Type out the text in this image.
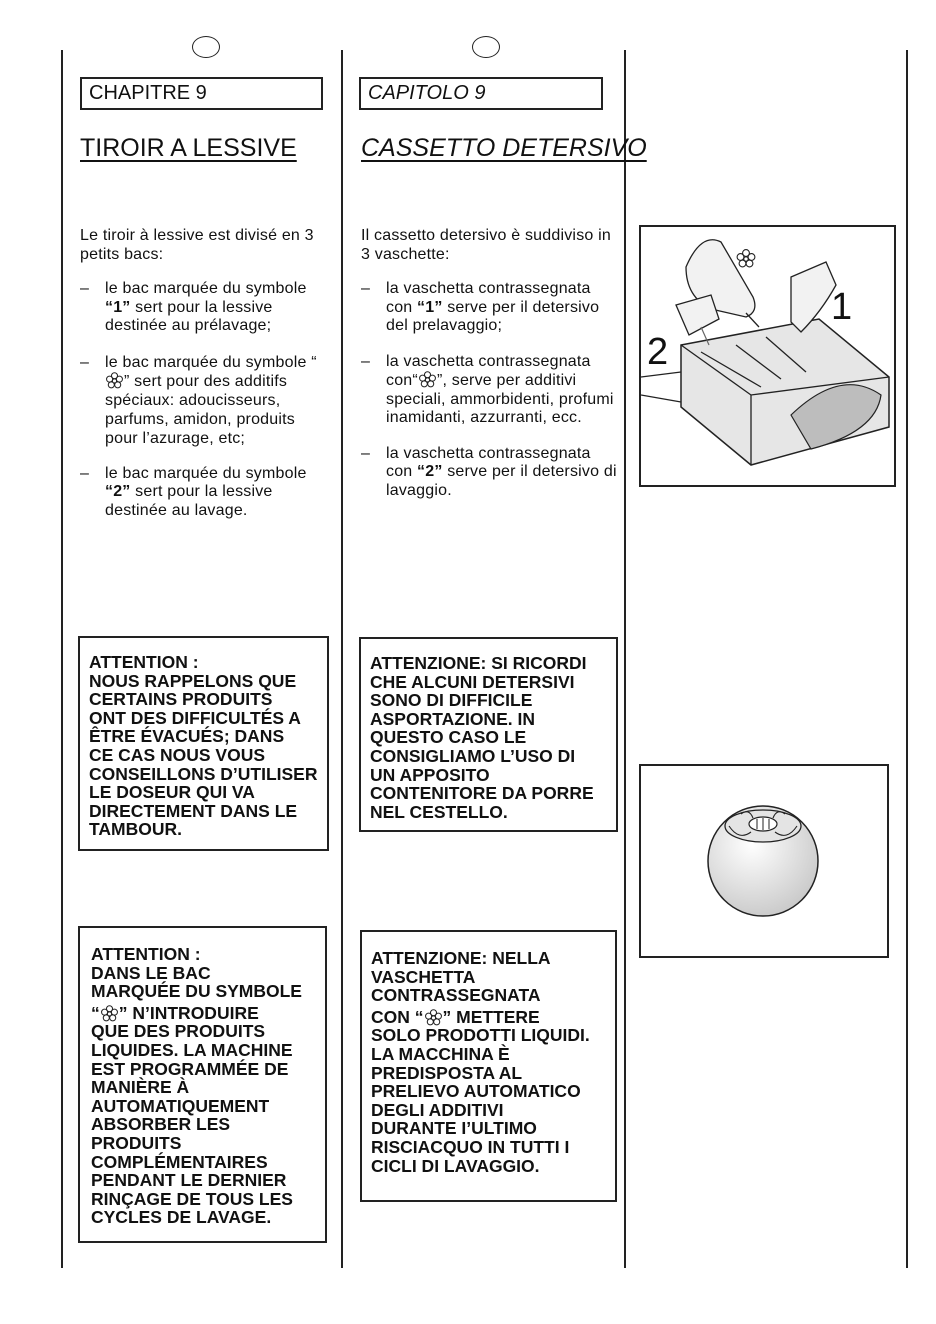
CHAPITRE 9
TIROIR A LESSIVE

Le tiroir à lessive est divisé en 3 petits bacs:

– le bac marquée du symbole “1” sert pour la lessive destinée au prélavage;
– le bac marquée du symbole “
” sert pour des additifs spéciaux: adoucisseurs, parfums, amidon, produits pour l’azurage, etc;
– le bac marquée du symbole “2” sert pour la lessive destinée au lavage.
ATTENTION :
NOUS RAPPELONS QUE
CERTAINS PRODUITS
ONT DES DIFFICULTÉS A
ÊTRE ÉVACUÉS; DANS
CE CAS NOUS VOUS
CONSEILLONS D’UTILISER
LE DOSEUR QUI VA
DIRECTEMENT DANS LE
TAMBOUR.
ATTENTION :
DANS LE BAC
MARQUÉE DU SYMBOLE
“ ” N’INTRODUIRE
QUE DES PRODUITS
LIQUIDES. LA MACHINE
EST PROGRAMMÉE DE
MANIÈRE À
AUTOMATIQUEMENT
ABSORBER LES
PRODUITS
COMPLÉMENTAIRES
PENDANT LE DERNIER
RINÇAGE DE TOUS LES
CYCLES DE LAVAGE.
CAPITOLO 9
CASSETTO DETERSIVO

Il cassetto detersivo è suddiviso in 3 vaschette:

– la vaschetta contrassegnata con “1” serve per il detersivo del prelavaggio;
– la vaschetta contrassegnata con“ ”, serve per additivi speciali, ammorbidenti, profumi inamidanti, azzurranti, ecc.
– la vaschetta contrassegnata con “2” serve per il detersivo di lavaggio.
ATTENZIONE: SI RICORDI
CHE ALCUNI DETERSIVI
SONO DI DIFFICILE
ASPORTAZIONE. IN
QUESTO CASO LE
CONSIGLIAMO L’USO DI
UN APPOSITO
CONTENITORE DA PORRE
NEL CESTELLO.
ATTENZIONE: NELLA
VASCHETTA
CONTRASSEGNATA
CON “ ” METTERE
SOLO PRODOTTI LIQUIDI.
LA MACCHINA È
PREDISPOSTA AL
PRELIEVO AUTOMATICO
DEGLI ADDITIVI
DURANTE I’ULTIMO
RISCIACQUO IN TUTTI I
CICLI DI LAVAGGIO.
1
2
